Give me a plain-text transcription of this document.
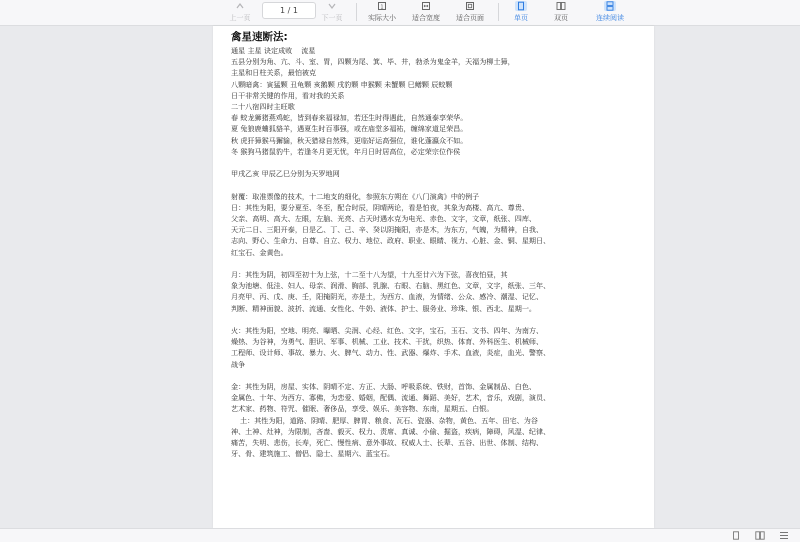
上一页
1 / 1
下一页
1
实际大小 适合宽度 适合页面	单页	双页	连续阅读
禽星速断法:
通星 主星 诀定成败    流星
五县分别为角、亢、斗、室、胃，四颗为尾、箕、毕、井，勃杀为鬼金羊，天福为柳土獐，
主星和日柱关系，最怕被克
八颗暗禽：寅猛颗 丑龟颗 亥鹅颗 戌豹颗 申猴颗 未蟹颗 巳鳝颗 辰蛟颗
日干非常关键的作用，看对我的关系
二十八宿四时主旺歌
春 蛟龙狮猪燕鸡蛇，皆到春来福禄加，若还生时得遇此，自然通泰享荣华。
夏 兔狼鹿蛐狐貉羊，遇夏生时百事强，或在庙堂多福祐，缠绵家道足荣昌。
秋 虎犴獐猴马獬貐，秋天猎禄自然殊，更临好运高强位，谁化蓬瀛众不如。
冬 猴狗马猪鼠豹牛，若逢冬月更无忧，年月日时居高位，必定荣宗位作侯
甲戌乙亥 甲辰乙巳分别为天罗地网
射覆：取准票像的技术，十二地支的细化，参照东方朔在《八门演禽》中的例子
日：其性为阳，要分夏至、冬至，配合时辰，阴晴两论，看是怕夜，其象为高楼、高亢、尊贵、
父亲、高明、高大、左眼，左脑、光亮、占天时遇水克为电光、赤色、文字，文章，纸张、四库、
天元二日、三阳开泰，日是乙、丁、己、辛、癸以阴掩阳，亦是木，为东方，气魄，为精神，自我、
志向、野心、生命力、自尊、自立、权力、地位、政府、职业、眼睛、视力、心脏、金、铜、星期日、
红宝石、金黄色。
月：其性为阴，初四至初十为上弦，十二至十八为望，十九至廿六为下弦，喜夜怕昼，其
象为池塘、低洼、妇人、母亲、润滑、胸部、乳腺、右眼、右脑、黑红色、文章，文字，纸张、三年、
月亮甲、丙、戊、庚、壬，阳掩阴光，亦是土，为西方、血液，为情绪、公众、感冷、潮湿、记忆、
判断、精神面貌、波折、流通、女性化、牛奶、液体、护士、服务业、珍珠、银、西北、星期一。
火：其性为阳，空地、明亮、曝晒、尖润、心经、红色、文字，宝石，玉石、文书、四年、为南方、
燥热、为谷神，为勇气、胆识、军事、机械、工业、技术、干扰，织热、体育、外科医生、机械师、
工程师、设计师、事故、暴力、火、脾气、动力、性、武器、爆炸、手术、血液，炎症，血光、警察、
战争
金：其性为阴，房屋、实体、阴晴不定、方正、大肠、呼吸系统、铁财，首饰、金属制品、白色、
金属色、十年、为西方、寡佛，为恋爱、婚姻，配偶、流通、舞蹈、美好，艺术，音乐，戏剧，演员、
艺术家、药物、符咒、催眠、奢侈品，享受、娱乐、美容物、东南，星期五、白银。
土：其性为阳，道路、阴晴、肥厚、脾胃、粮食、瓦石、瓷器、杂物，黄色、五年、田宅、为谷
神、土神、灶神，为限制，吝啬、毅灭、权力、责席、真诚、小偷、掘盗，疾病，障碍，风湿、纪律、
痛苦，失明、悲伤，长寿，死亡、慢性病、意外事故、权威人士、长辈、五谷、出世、体制、结构、
牙、骨、建筑施工、僧侣、隐士、星期六、蓝宝石。
